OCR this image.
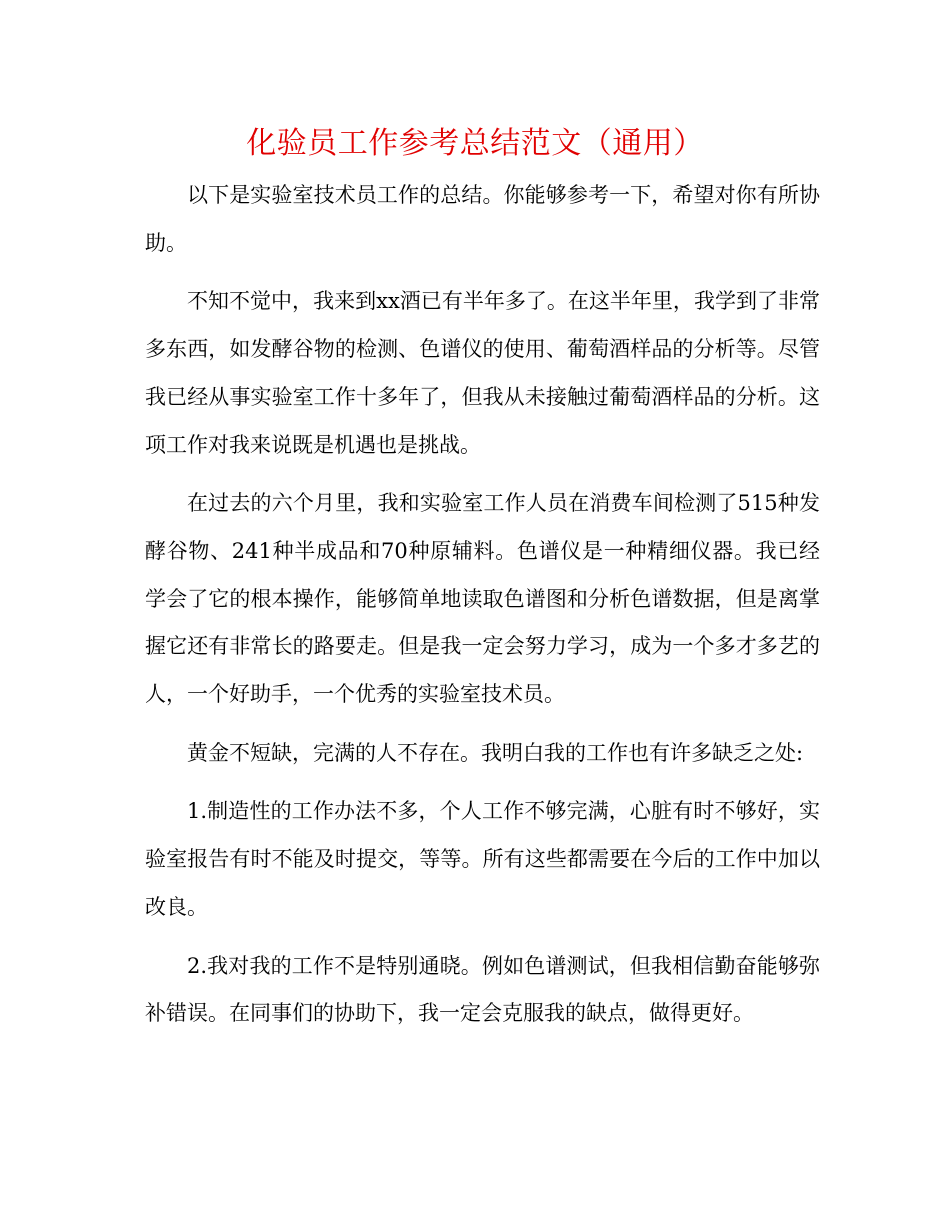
化验员工作参考总结范文（通用）

以下是实验室技术员工作的总结。你能够参考一下，希望对你有所协助。

不知不觉中，我来到xx酒已有半年多了。在这半年里，我学到了非常多东西，如发酵谷物的检测、色谱仪的使用、葡萄酒样品的分析等。尽管我已经从事实验室工作十多年了，但我从未接触过葡萄酒样品的分析。这项工作对我来说既是机遇也是挑战。

在过去的六个月里，我和实验室工作人员在消费车间检测了515种发酵谷物、241种半成品和70种原辅料。色谱仪是一种精细仪器。我已经学会了它的根本操作，能够简单地读取色谱图和分析色谱数据，但是离掌握它还有非常长的路要走。但是我一定会努力学习，成为一个多才多艺的人，一个好助手，一个优秀的实验室技术员。

黄金不短缺，完满的人不存在。我明白我的工作也有许多缺乏之处:

1.制造性的工作办法不多，个人工作不够完满，心脏有时不够好，实验室报告有时不能及时提交，等等。所有这些都需要在今后的工作中加以改良。

2.我对我的工作不是特别通晓。例如色谱测试，但我相信勤奋能够弥补错误。在同事们的协助下，我一定会克服我的缺点，做得更好。
